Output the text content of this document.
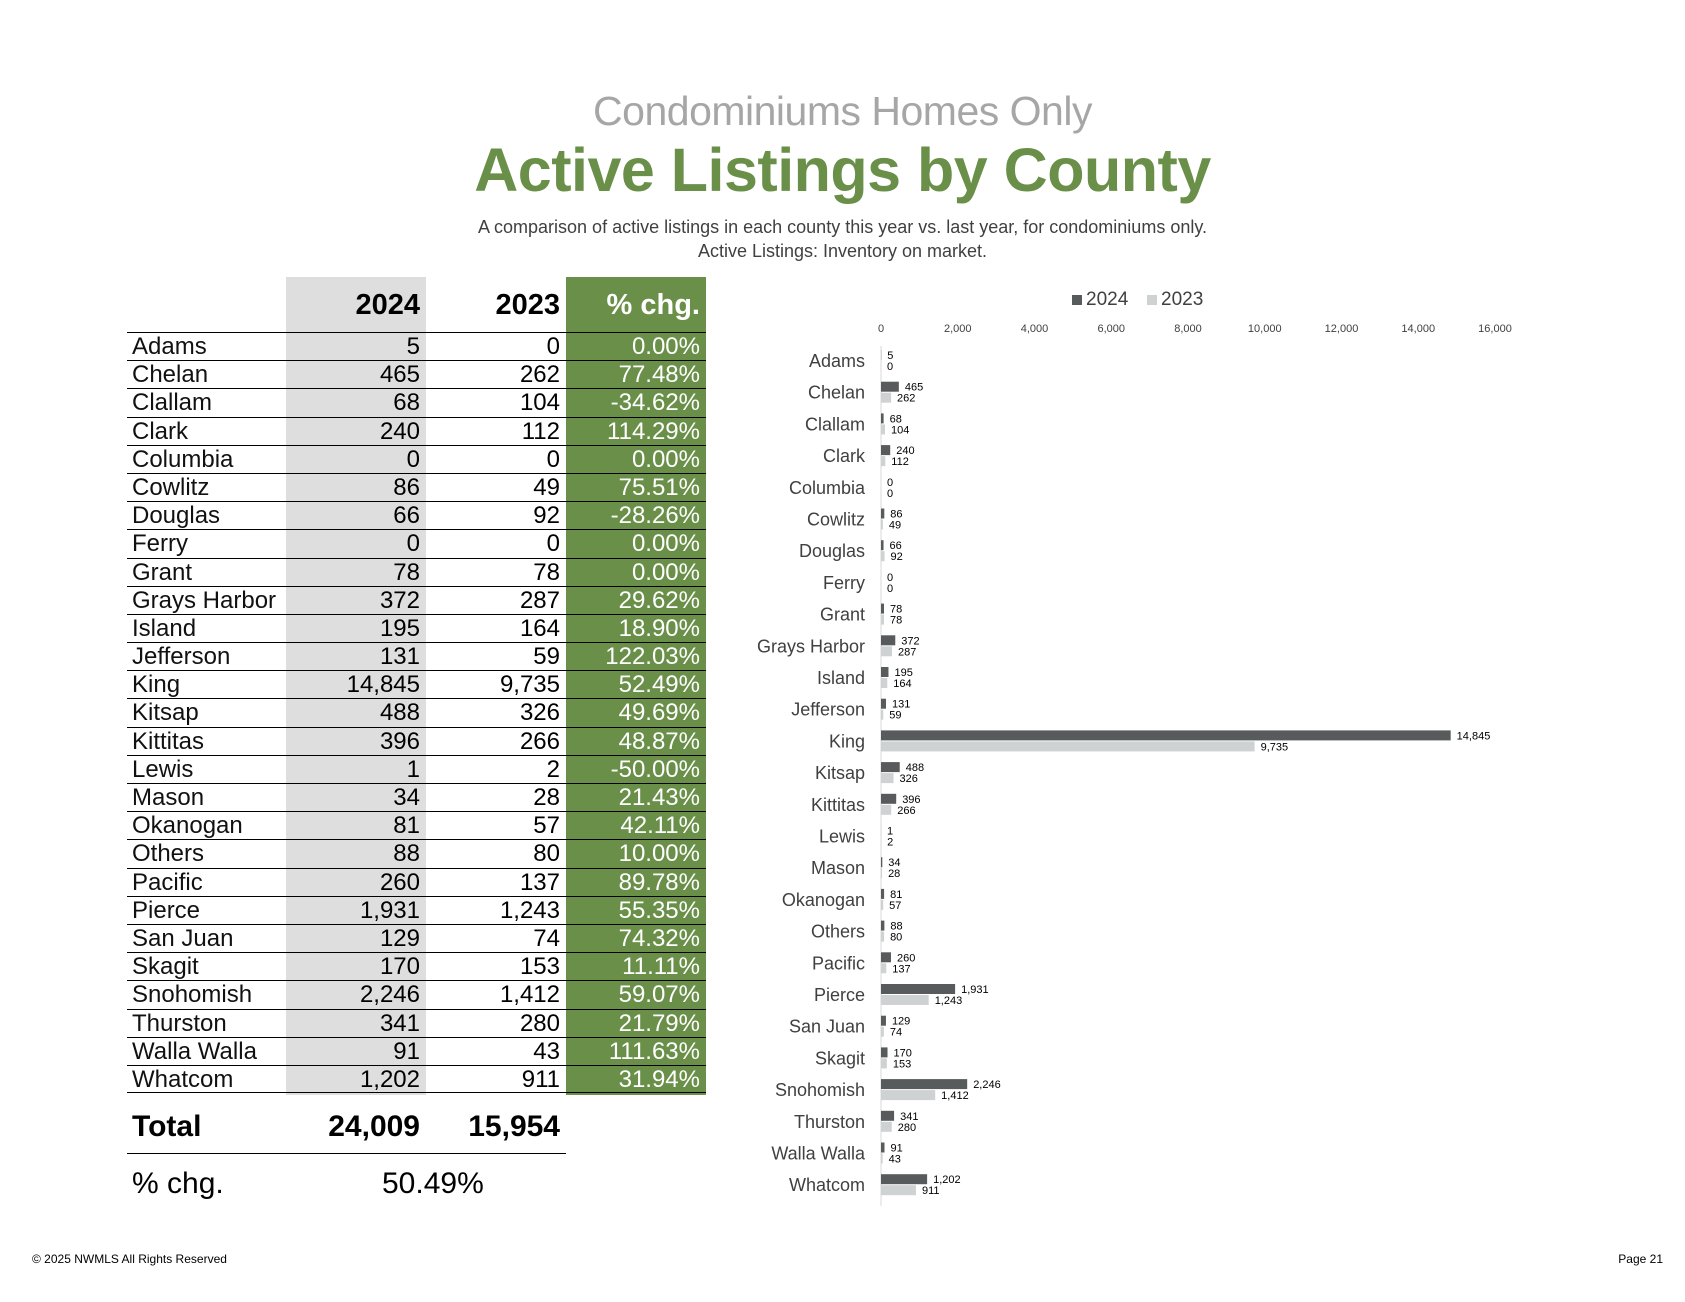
Condominiums Homes Only
Active Listings by County
A comparison of active listings in each county this year vs. last year, for condominiums only.
Active Listings: Inventory on market.
2024	2023	% chg.
Adams	5	0	0.00%
Chelan	465	262 77.48%
Clallam	68	104 -34.62%
Clark	240	112 114.29%
Columbia	0	0	0.00%
Cowlitz	86	49 75.51%
Douglas	66	92 -28.26%
Ferry	0	0	0.00%
Grant	78	78	0.00%
Grays Harbor	372	287 29.62%
Island	195	164 18.90%
Jefferson	131	59 122.03%
King	14,845	9,735 52.49%
Kitsap	488	326 49.69%
Kittitas	396	266 48.87%
Lewis	1	2 -50.00%
Mason	34	28 21.43%
Okanogan	81	57	42.11%
Others	88	80 10.00%
Pacific	260	137 89.78%
Pierce	1,931	1,243 55.35%
San Juan	129	74 74.32%
Skagit	170	153	11.11%
Snohomish	2,246	1,412 59.07%
Thurston	341	280 21.79%
Walla Walla	91	43 111.63%
Whatcom	1,202	911 31.94%
Total	24,009 15,954
% chg.	50.49%
2024 2023
0	2,000	4,000	6,000	8,000	10,000	12,000	14,000	16,000
Adams 5
0
Chelan	465
262
Clallam 68
104
Clark	240
112
Columbia 0
0
Cowlitz 86
49
Douglas 66
92
Ferry 0
0
Grant 78
78
Grays Harbor	372
287
Island	195
164
Jefferson 131
59
King	14,845
9,735
Kitsap	488
326
Kittitas	396
266
Lewis 1
2
Mason 34
28
Okanogan 81
57
Others 88
80
Pacific	260
137
Pierce	1,931
1,243
San Juan 129
74
Skagit	170
153
Snohomish	2,246
1,412
Thurston	341
280
Walla Walla 91
43
Whatcom	1,202
911
© 2025 NWMLS All Rights Reserved	Page 21
